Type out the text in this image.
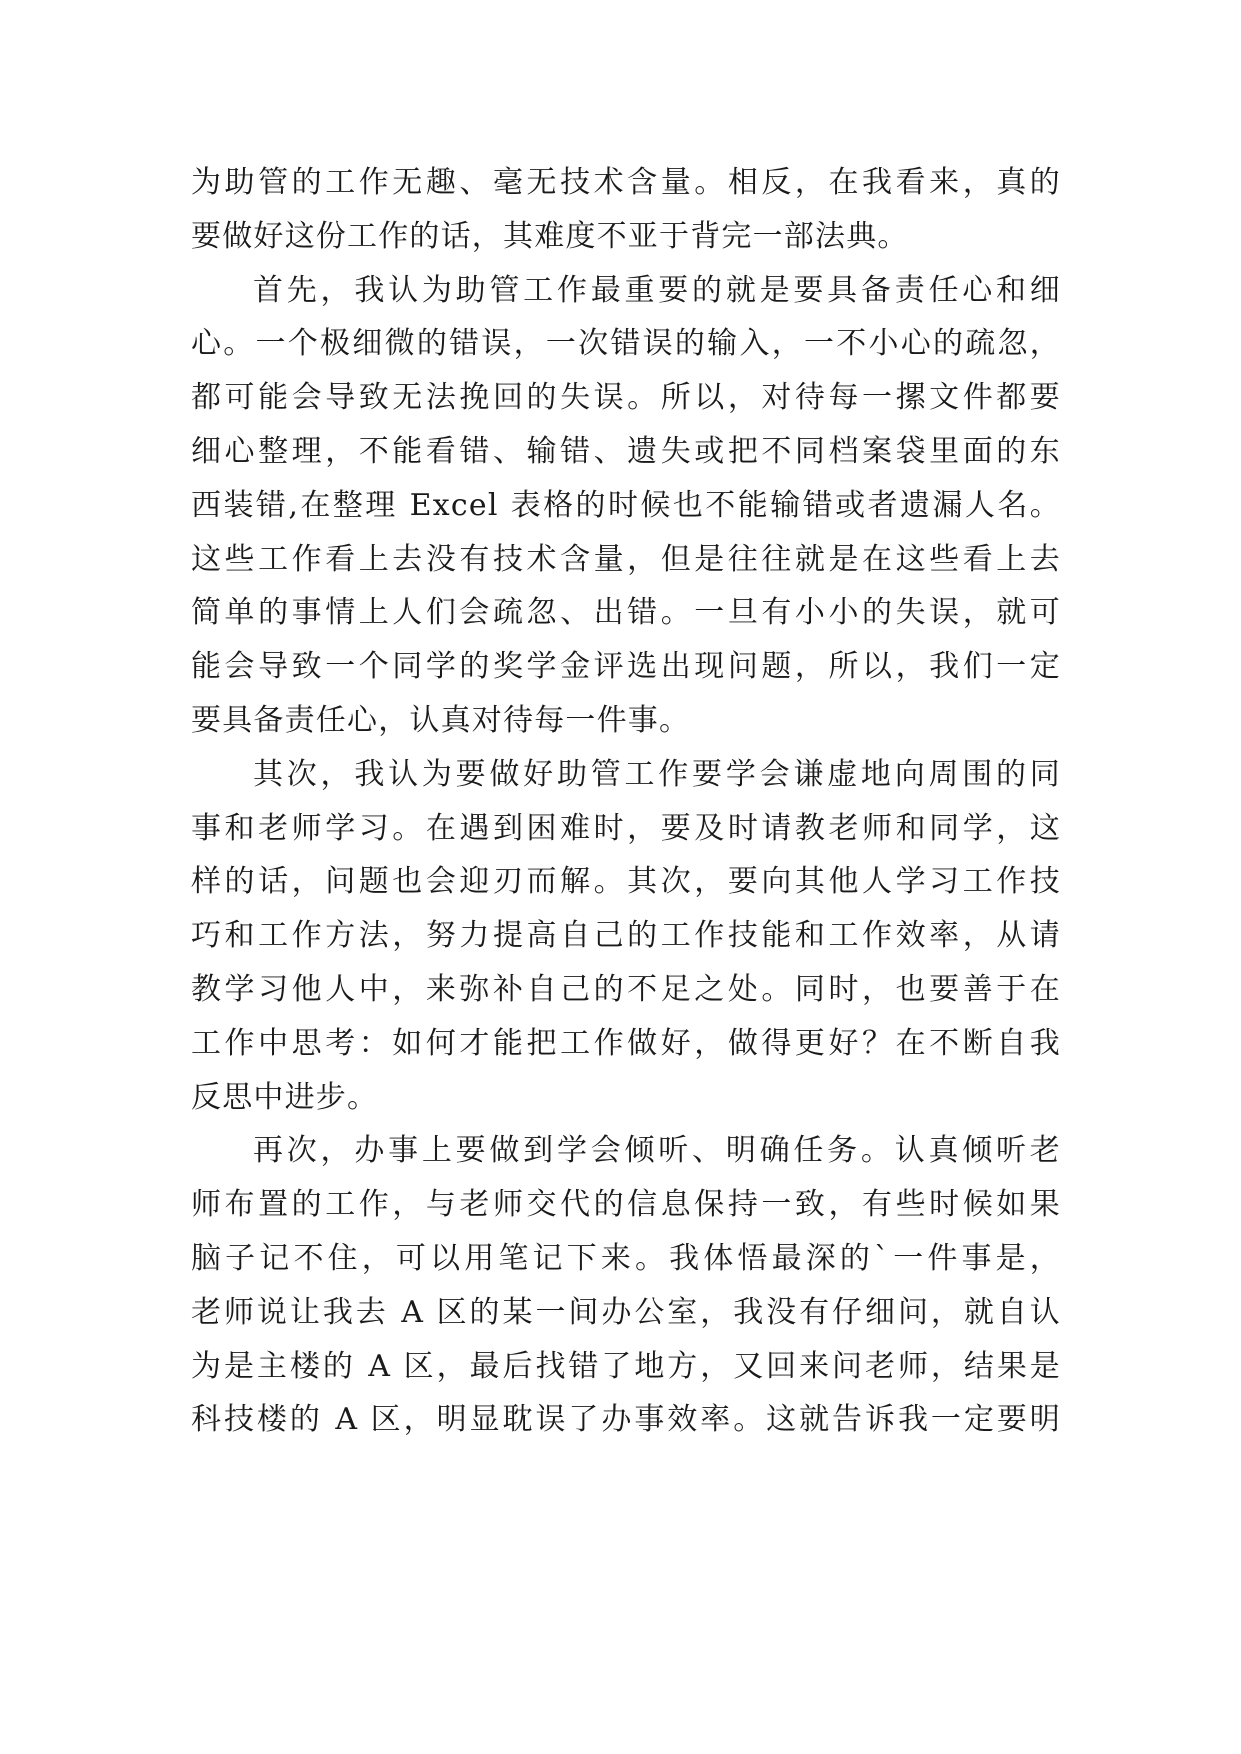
为助管的工作无趣、毫无技术含量。相反，在我看来，真的
要做好这份工作的话，其难度不亚于背完一部法典。
首先，我认为助管工作最重要的就是要具备责任心和细
心。一个极细微的错误，一次错误的输入，一不小心的疏忽，
都可能会导致无法挽回的失误。所以，对待每一摞文件都要
细心整理，不能看错、输错、遗失或把不同档案袋里面的东
西装错,在整理 Excel 表格的时候也不能输错或者遗漏人名。
这些工作看上去没有技术含量，但是往往就是在这些看上去
简单的事情上人们会疏忽、出错。一旦有小小的失误，就可
能会导致一个同学的奖学金评选出现问题，所以，我们一定
要具备责任心，认真对待每一件事。
其次，我认为要做好助管工作要学会谦虚地向周围的同
事和老师学习。在遇到困难时，要及时请教老师和同学，这
样的话，问题也会迎刃而解。其次，要向其他人学习工作技
巧和工作方法，努力提高自己的工作技能和工作效率，从请
教学习他人中，来弥补自己的不足之处。同时，也要善于在
工作中思考：如何才能把工作做好，做得更好？在不断自我
反思中进步。
再次，办事上要做到学会倾听、明确任务。认真倾听老
师布置的工作，与老师交代的信息保持一致，有些时候如果
脑子记不住，可以用笔记下来。我体悟最深的`一件事是，
老师说让我去 A 区的某一间办公室，我没有仔细问，就自认
为是主楼的 A 区，最后找错了地方，又回来问老师，结果是
科技楼的 A 区，明显耽误了办事效率。这就告诉我一定要明
